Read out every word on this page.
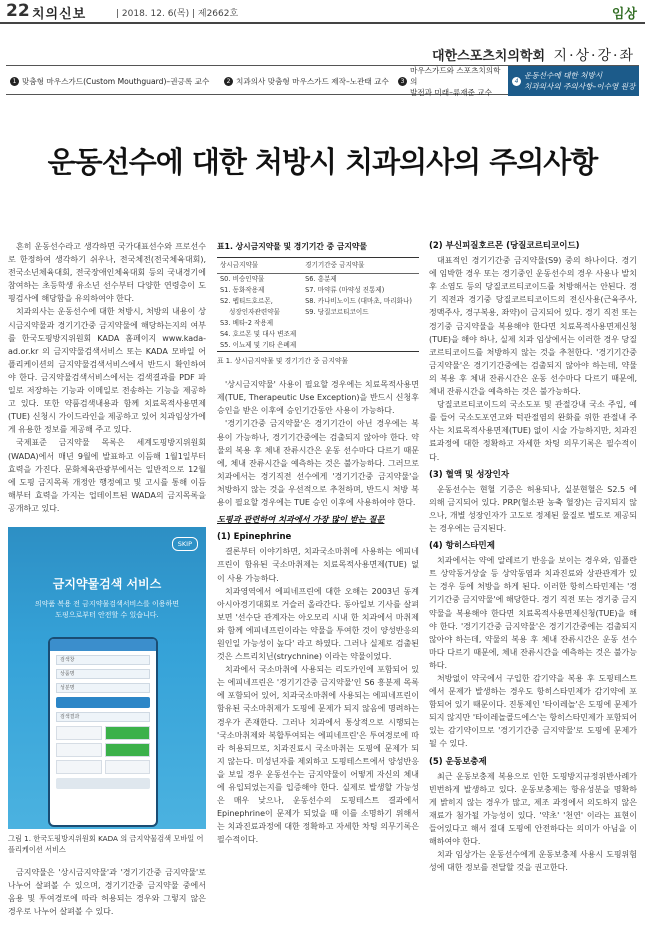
22 치의신보	| 2018. 12. 6(목) | 제2662호	임상
대한스포츠치의학회 지·상·강·좌
1 맞춤형 마우스가드(Custom Mouthguard)–권긍록 교수	2 치과의사 맞춤형 마우스가드 제작–노관태 교수	3
마우스가드와 스포츠치의학의
발전과 미래–류재준 교수
4
운동선수에 대한 처방시
치과의사의 주의사항–이수영 원장
운동선수에 대한 처방시 치과의사의 주의사항

흔히 운동선수라고 생각하면 국가대표선수와 프로선수로 한정하여 생각하기 쉬우나, 전국체전(전국체육대회), 전국소년체육대회, 전국장애인체육대회 등의 국내경기에 참여하는 초등학생 유소년 선수부터 다양한 연령층이 도핑검사에 해당함을 유의하여야 한다.

치과의사는 운동선수에 대한 처방시, 처방의 내용이 상시금지약물과 경기기간중 금지약물에 해당하는지의 여부를 한국도핑방지위원회 KADA 홈페이지 www.kada-ad.or.kr 의 금지약물검색서비스 또는 KADA 모바일 어플리케이션의 금지약물검색서비스에서 반드시 확인하여야 한다. 금지약물검색서비스에서는 검색결과를 PDF 파일로 저장하는 기능과 이메일로 전송하는 기능을 제공하고 있다. 또한 약품검색내용과 함께 치료목적사용면제(TUE) 신청시 가이드라인을 제공하고 있어 치과임상가에게 유용한 정보를 제공해 주고 있다.

국제표준 금지약물 목록은 세계도핑방지위원회(WADA)에서 매년 9월에 발표하고 이듬해 1월1일부터 효력을 가진다. 문화체육관광부에서는 일반적으로 12월에 도핑 금지목록 개정안 행정예고 및 고시를 통해 이듬해부터 효력을 가지는 업데이트된 WADA의 금지목록을 공개하고 있다.

SKIP
금지약물검색 서비스
의약품 복용 전 금지약물검색서비스를 이용하면
도핑으로부터 안전할 수 있습니다.
검색창
상품명
성분명
검색결과
그림 1. 한국도핑방지위원회 KADA 의 금지약물검색 모바일 어플리케이션 서비스

금지약물은 '상시금지약물'과 '경기기간중 금지약물'로 나누어 살펴볼 수 있으며, 경기기간중 금지약물 중에서 음용 및 투여경로에 따라 허용되는 경우와 그렇지 않은 경우로 나누어 살펴볼 수 있다.

표1. 상시금지약물 및 경기기간 중 금지약물
상시금지약물	경기기간중 금지약물
S0. 비승인약물	S6. 흥분제
S1. 동화작용제	S7. 마약류 (마약성 진통제)
S2. 펩티드호르몬,	S8. 카나비노이드 (대마초, 마리화나)
성장인자관련약물	S9. 당질코르티코이드
S3. 베타-2 작용제	
S4. 호르몬 및 대사 변조제	
S5. 이뇨제 및 기타 은폐제	
표 1. 상시금지약물 및 경기기간 중 금지약물

'상시금지약물' 사용이 필요할 경우에는 치료목적사용면제(TUE, Therapeutic Use Exception)을 반드시 신청후 승인을 받은 이후에 승인기간동안 사용이 가능하다.

'경기기간중 금지약물'은 경기기간이 아닌 경우에는 복용이 가능하나, 경기기간중에는 검출되지 않아야 한다. 약물의 복용 후 체내 잔류시간은 운동 선수마다 다르기 때문에, 체내 잔류시간을 예측하는 것은 불가능하다. 그러므로 치과에서는 경기직전 선수에게 '경기기간중 금지약물'을 처방하지 않는 것을 우선적으로 추천하며, 반드시 처방 복용이 필요할 경우에는 TUE 승인 이후에 사용하여야 한다.

도핑과 관련하여 치과에서 가장 많이 받는 질문
(1) Epinephrine

결론부터 이야기하면, 치과국소마취에 사용하는 에피네프린이 함유된 국소마취제는 치료목적사용면제(TUE) 없이 사용 가능하다.

치과영역에서 에피네프린에 대한 오해는 2003년 동계아시아경기대회로 거슬러 올라간다. 동아일보 기사를 살펴보면 '선수단 관계자는 아오모리 시내 한 치과에서 마취제와 함께 에피네프린이라는 약물을 투여한 것이 양성반응의 원인일 가능성이 높다' 라고 하였다. 그러나 실제로 검출된 것은 스트리치닌(strychnine) 이라는 약물이었다.

치과에서 국소마취에 사용되는 리도카인에 포함되어 있는 에피네프린은 '경기기간중 금지약물'인 S6 흥분제 목록에 포함되어 있어, 치과국소마취에 사용되는 에피네프린이 함유된 국소마취제가 도핑에 문제가 되지 않음에 명려하는 경우가 존재한다. 그러나 치과에서 통상적으로 시행되는 '국소마취제와 복합투여되는 에피네프린'은 투여경로에 따라 허용되므로, 치과진료시 국소마취는 도핑에 문제가 되지 않는다. 미성년자를 제외하고 도핑테스트에서 양성반응을 보일 경우 운동선수는 금지약물이 어떻게 자신의 체내에 유입되었는지를 입증해야 한다. 실제로 발생할 가능성은 매우 낮으나, 운동선수의 도핑테스트 결과에서 Epinephrine이 문제가 되었을 때 이를 소명하기 위해서는 치과진료과정에 대한 정확하고 자세한 차팅 의무기록은 필수적이다.

(2) 부신피질호르몬 (당질코르티코이드)

대표적인 경기기간중 금지약물(S9) 중의 하나이다. 경기에 임박한 경우 또는 경기중인 운동선수의 경우 사용나 발치 후 소염도 등의 당질코르티코이드를 처방해서는 안된다. 경기 직전과 경기중 당질코르티코이드의 전신사용(근육주사, 정맥주사, 경구복용, 좌약)이 금지되어 있다. 경기 직전 또는 경기중 금지약물을 복용해야 한다면 치료목적사용면제신청(TUE)을 해야 하나, 실제 치과 임상에서는 이러한 경우 당질코르티코이드를 처방하지 않는 것을 추천한다. '경기기간중 금지약물'은 경기기간중에는 검출되지 않아야 하는데, 약물의 복용 후 체내 잔류시간은 운동 선수마다 다르기 때문에, 체내 잔류시간을 예측하는 것은 불가능하다.

당질코르티코이드의 국소도포 및 관절강내 국소 주입, 예를 들어 국소도포연고와 턱관절염의 완화를 위한 관절내 주사는 치료목적사용면제(TUE) 없이 시술 가능하지만, 치과진료과정에 대한 정확하고 자세한 차팅 의무기록은 필수적이다.

(3) 혈액 및 성장인자

운동선수는 현혈 기증은 허용되나, 실분현혈은 S2.5 에 의해 금지되어 있다. PRP(혈소판 농축 혈장)는 금지되지 않으나, 개별 성장인자가 고도로 정제된 물질로 별도로 제공되는 경우에는 금지된다.

(4) 항히스타민제

치과에서는 약에 알레르기 반응을 보이는 경우와, 임플란트 상악동거상술 등 상악동염과 치과진료와 상관관계가 있는 경우 등에 처방을 하게 된다. 이러한 항히스타민제는 '경기기간중 금지약물'에 해당한다. 경기 직전 또는 경기중 금지약물을 복용해야 한다면 치료목적사용면제신청(TUE)을 해야 한다. '경기기간중 금지약물'은 경기기간중에는 검출되지 않아야 하는데, 약물의 복용 후 체내 잔류시간은 운동 선수마다 다르기 때문에, 체내 잔류시간을 예측하는 것은 불가능하다.

처방없이 약국에서 구입한 감기약을 복용 후 도핑테스트에서 문제가 발생하는 경우도 항히스타민제가 감기약에 포함되어 있기 때문이다. 진통제인 '타이레놀'은 도핑에 문제가 되지 않지만 '타이레놀콜드에스'는 항히스타민제가 포함되어 있는 감기약이므로 '경기기간중 금지약물'로 도핑에 문제가 될 수 있다.

(5) 운동보충제

최근 운동보충제 복용으로 인한 도핑방지규정위반사례가 빈번하게 발생하고 있다. 운동보충제는 항유성분을 명확하게 밝히지 않는 경우가 많고, 제조 과정에서 의도하지 않은 재료가 첨가될 가능성이 있다. '약초' '천연' 이라는 표현이 들어있다고 해서 절대 도핑에 안전하다는 의미가 아님을 이해하여야 한다.

치과 임상가는 운동선수에게 운동보충제 사용시 도핑위험성에 대한 정보를 전달할 것을 권고한다.
